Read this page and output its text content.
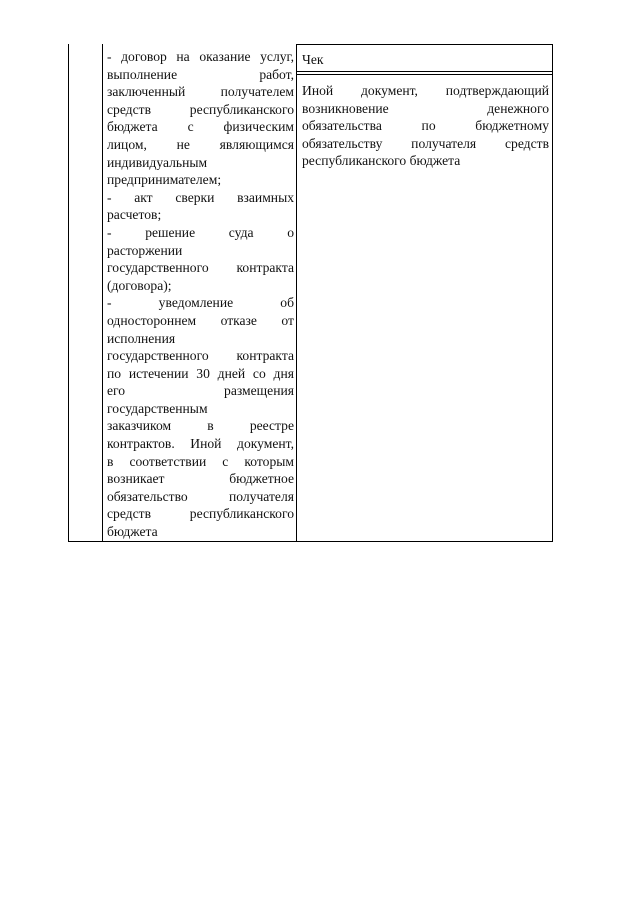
- договор на оказание услуг,
выполнение работ,
заключенный получателем
средств республиканского
бюджета с физическим
лицом, не являющимся
индивидуальным
предпринимателем;
- акт сверки взаимных
расчетов;
- решение суда о
расторжении
государственного контракта
(договора);
- уведомление об
одностороннем отказе от
исполнения
государственного контракта
по истечении 30 дней со дня
его размещения
государственным
заказчиком в реестре
контрактов. Иной документ,
в соответствии с которым
возникает бюджетное
обязательство получателя
средств республиканского
бюджета
Чек
Иной документ, подтверждающий
возникновение денежного
обязательства по бюджетному
обязательству получателя средств
республиканского бюджета
